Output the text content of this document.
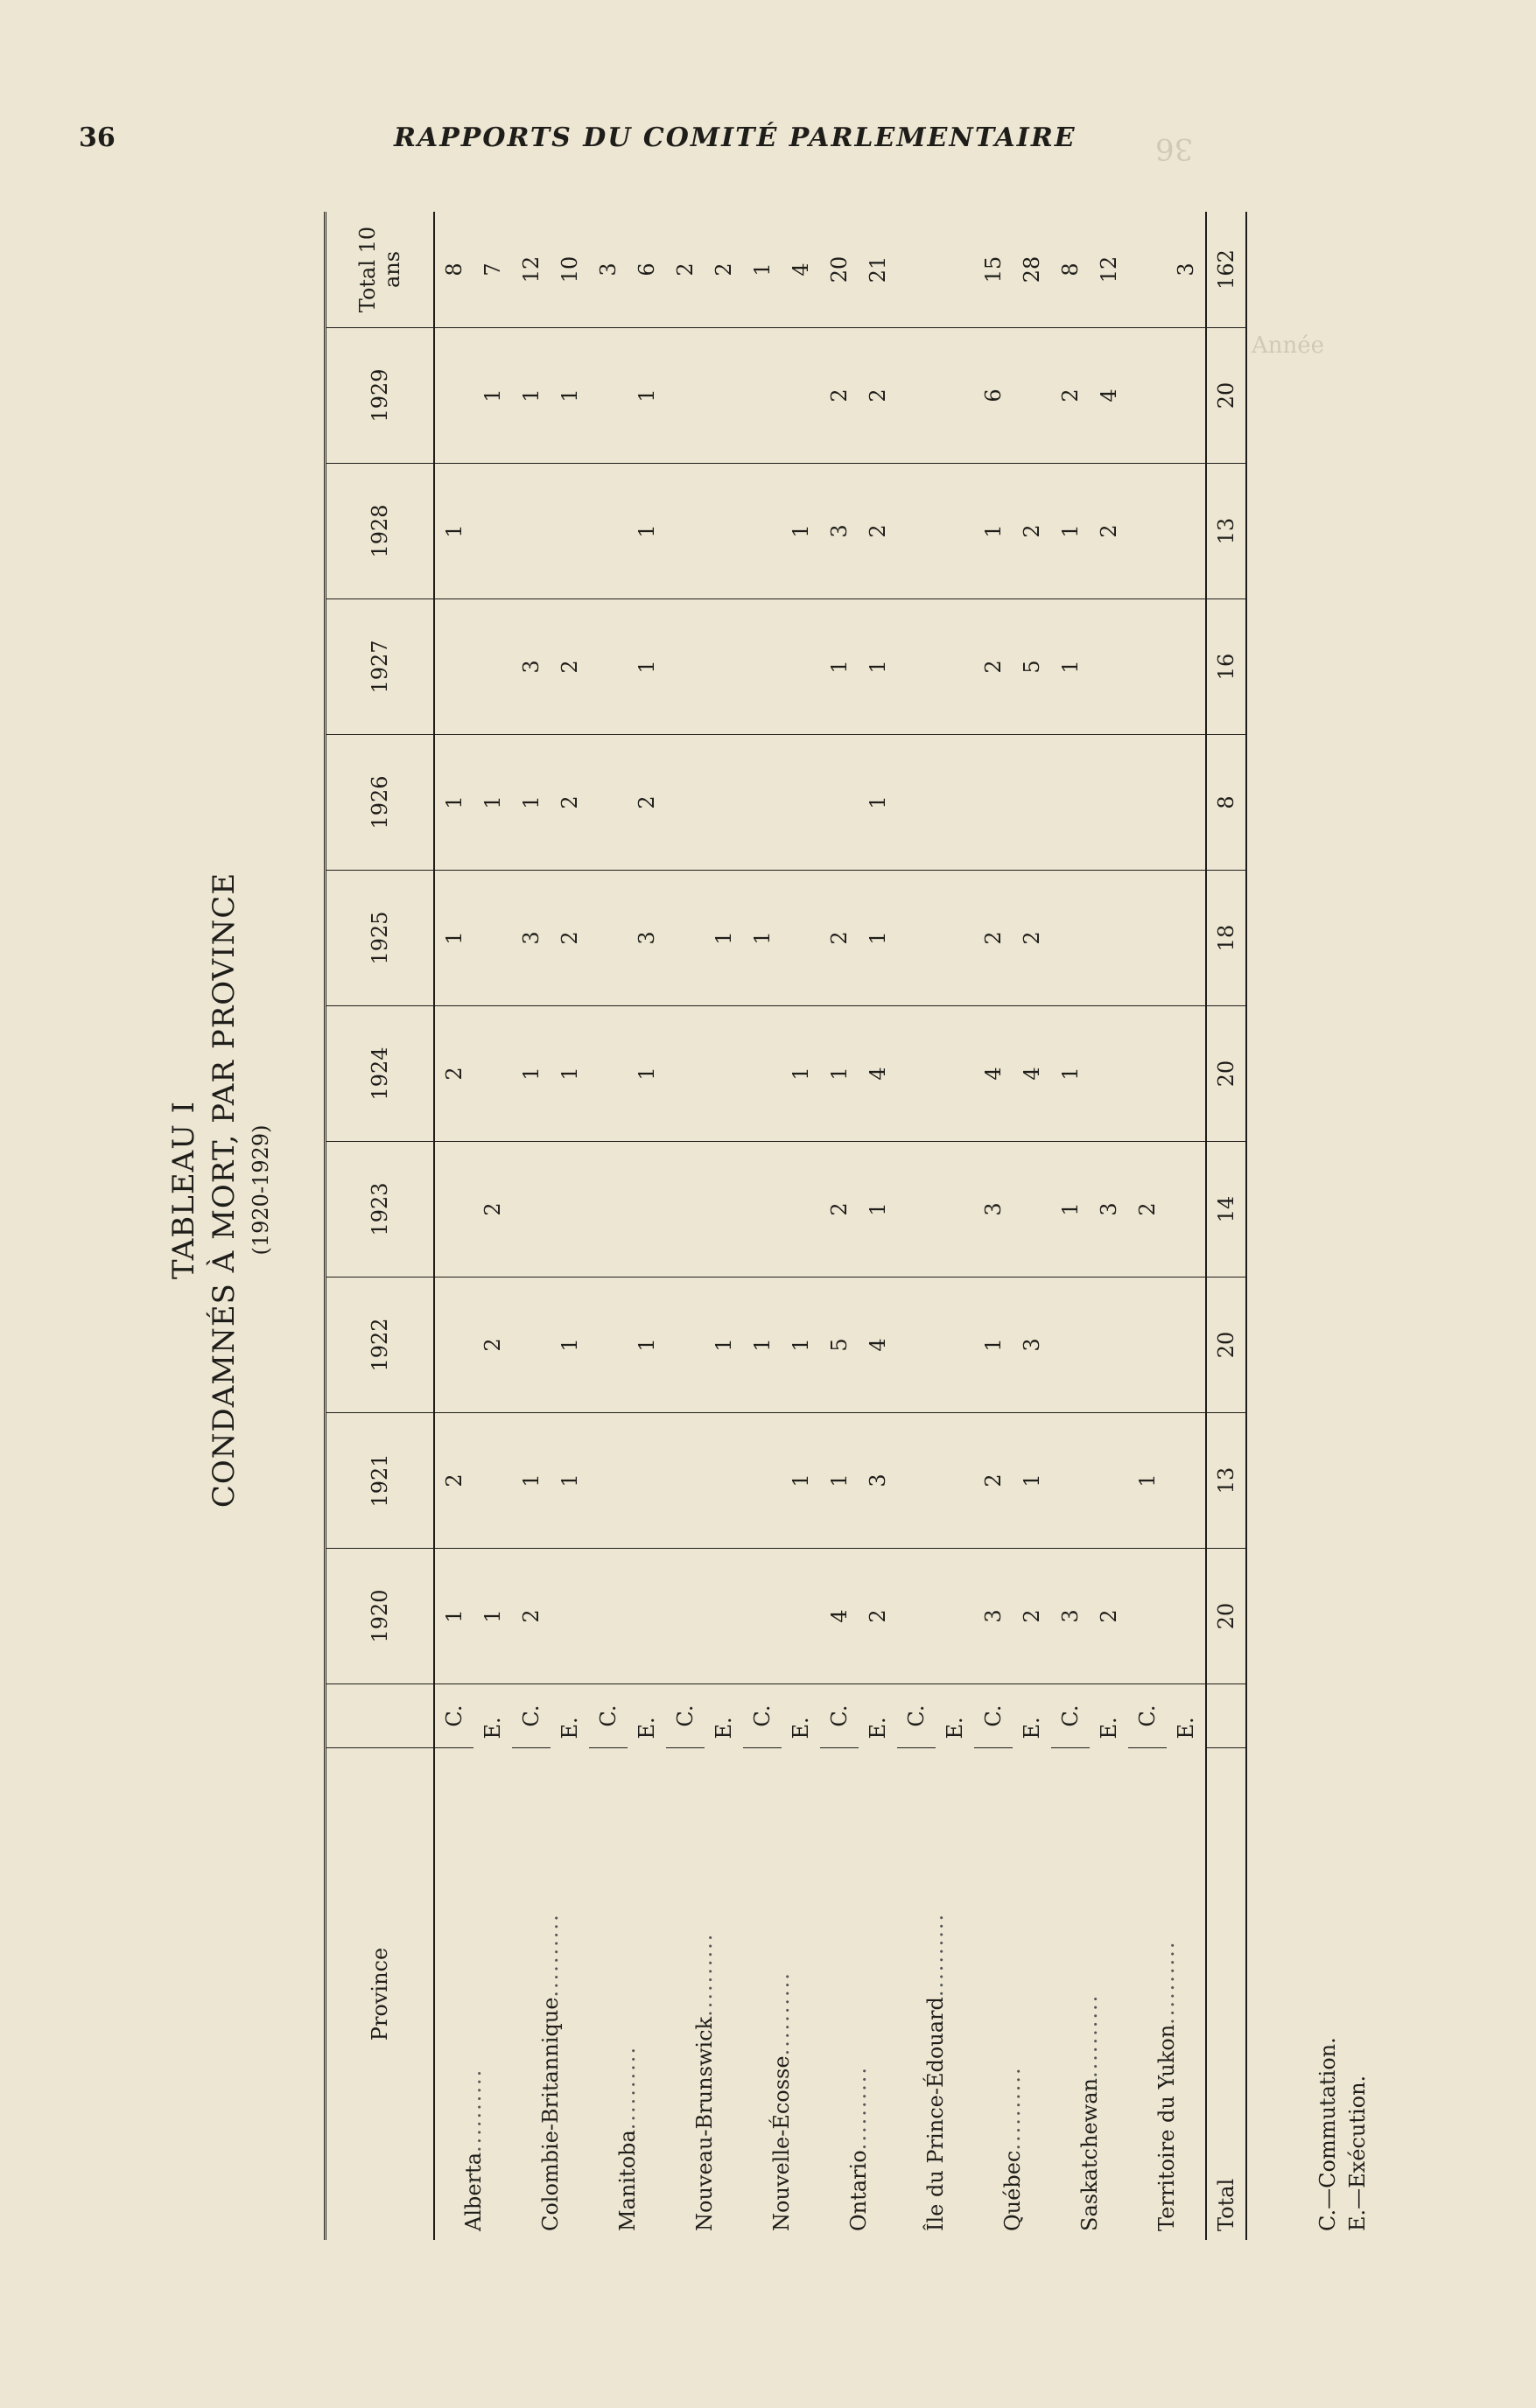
36
Année
36	RAPPORTS DU COMITÉ PARLEMENTAIRE
TABLEAU I CONDAMNÉS À MORT, PAR PROVINCE (1920-1929)
Province		1920	1921	1922	1923	1924	1925	1926	1927	1928	1929	Total 10 ans
Alberta..........	C.	1	2			2	1	1		1		8
	E.	1		2	2			1			1	7
Colombie-Britannique..........	C.	2	1			1	3	1	3		1	12
	E.		1	1		1	2	2	2		1	10
Manitoba..........	C.											3
	E.			1		1	3	2	1	1	1	6
Nouveau-Brunswick..........	C.											2
	E.			1			1					2
Nouvelle-Écosse..........	C.			1			1					1
	E.		1	1		1				1		4
Ontario..........	C.	4	1	5	2	1	2		1	3	2	20
	E.	2	3	4	1	4	1	1	1	2	2	21
Île du Prince-Édouard..........	C.											
	E.											
Québec..........	C.	3	2	1	3	4	2		2	1	6	15
	E.	2	1	3		4	2		5	2		28
Saskatchewan..........	C.	3			1	1			1	1	2	8
	E.	2			3					2	4	12
Territoire du Yukon..........	C.		1		2							
	E.											3
Total		20	13	20	14	20	18	8	16	13	20	162
C.—Commutation. E.—Exécution.
